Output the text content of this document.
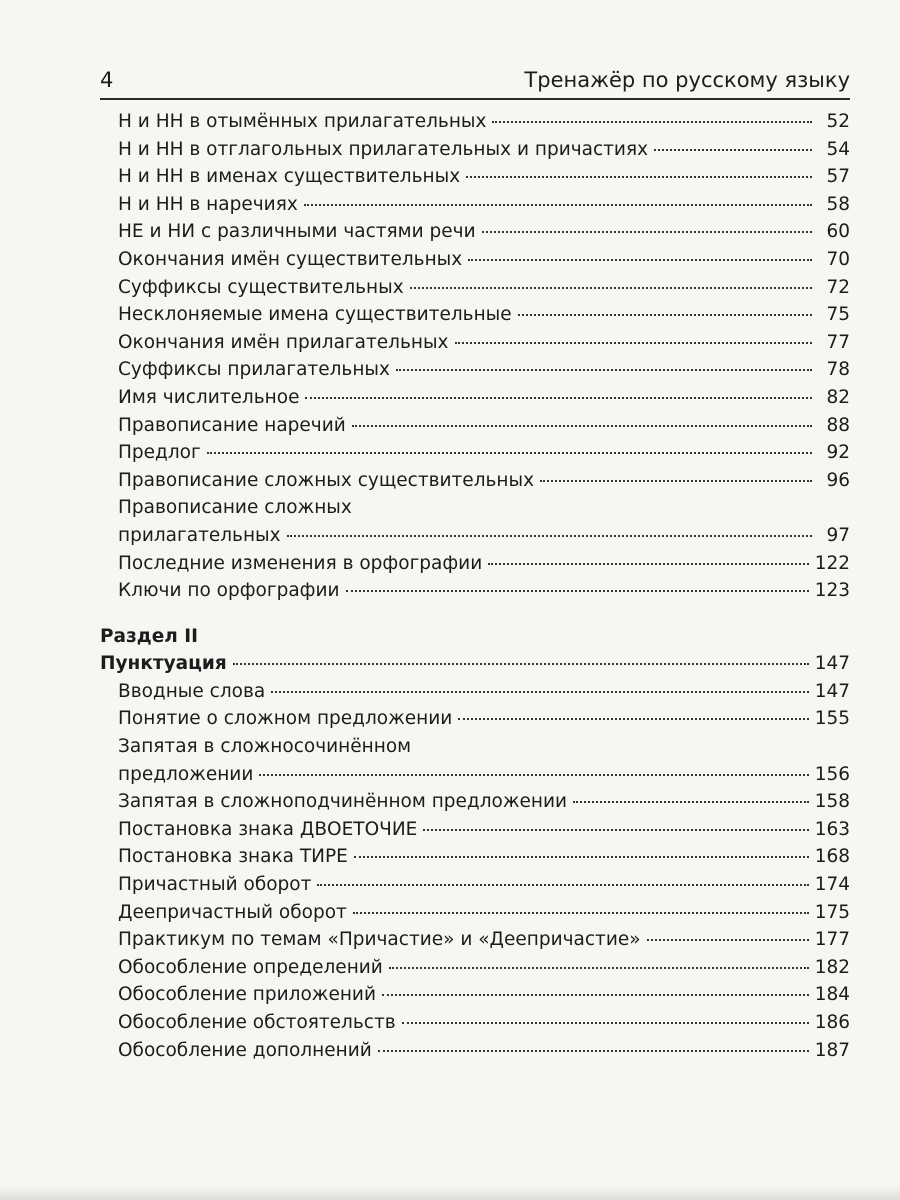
4	Тренажёр по русскому языку
Н и НН в отымённых прилагательных	52
Н и НН в отглагольных прилагательных и причастиях	54
Н и НН в именах существительных	57
Н и НН в наречиях	58
НЕ и НИ с различными частями речи	60
Окончания имён существительных	70
Суффиксы существительных	72
Несклоняемые имена существительные	75
Окончания имён прилагательных	77
Суффиксы прилагательных	78
Имя числительное	82
Правописание наречий	88
Предлог	92
Правописание сложных существительных	96
Правописание сложных
прилагательных	97
Последние изменения в орфографии	122
Ключи по орфографии	123
Раздел II
Пунктуация	147
Вводные слова	147
Понятие о сложном предложении	155
Запятая в сложносочинённом
предложении	156
Запятая в сложноподчинённом предложении	158
Постановка знака ДВОЕТОЧИЕ	163
Постановка знака ТИРЕ	168
Причастный оборот	174
Деепричастный оборот	175
Практикум по темам «Причастие» и «Деепричастие»	177
Обособление определений	182
Обособление приложений	184
Обособление обстоятельств	186
Обособление дополнений	187
